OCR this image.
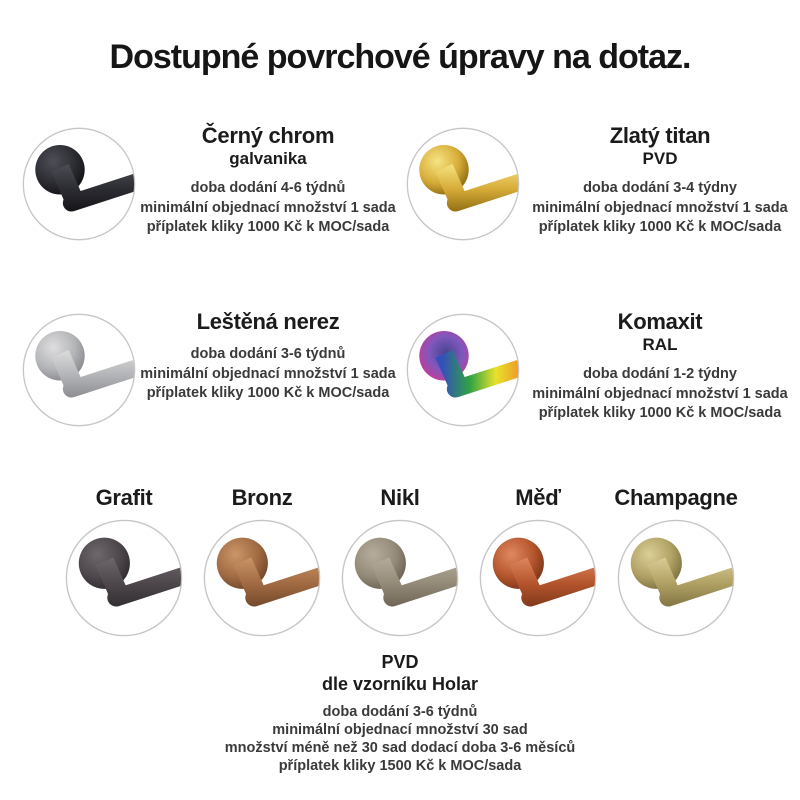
Dostupné povrchové úpravy na dotaz.
Černý chrom
galvanika
doba dodání 4-6 týdnů
minimální objednací množství 1 sada
příplatek kliky 1000 Kč k MOC/sada
Zlatý titan
PVD
doba dodání 3-4 týdny
minimální objednací množství 1 sada
příplatek kliky 1000 Kč k MOC/sada
Leštěná nerez
doba dodání 3-6 týdnů
minimální objednací množství 1 sada
příplatek kliky 1000 Kč k MOC/sada
Komaxit
RAL
doba dodání 1-2 týdny
minimální objednací množství 1 sada
příplatek kliky 1000 Kč k MOC/sada
Grafit	Bronz	Nikl	Měď Champagne
PVD
dle vzorníku Holar
doba dodání 3-6 týdnů
minimální objednací množství 30 sad
množství méně než 30 sad dodací doba 3-6 měsíců
příplatek kliky 1500 Kč k MOC/sada
